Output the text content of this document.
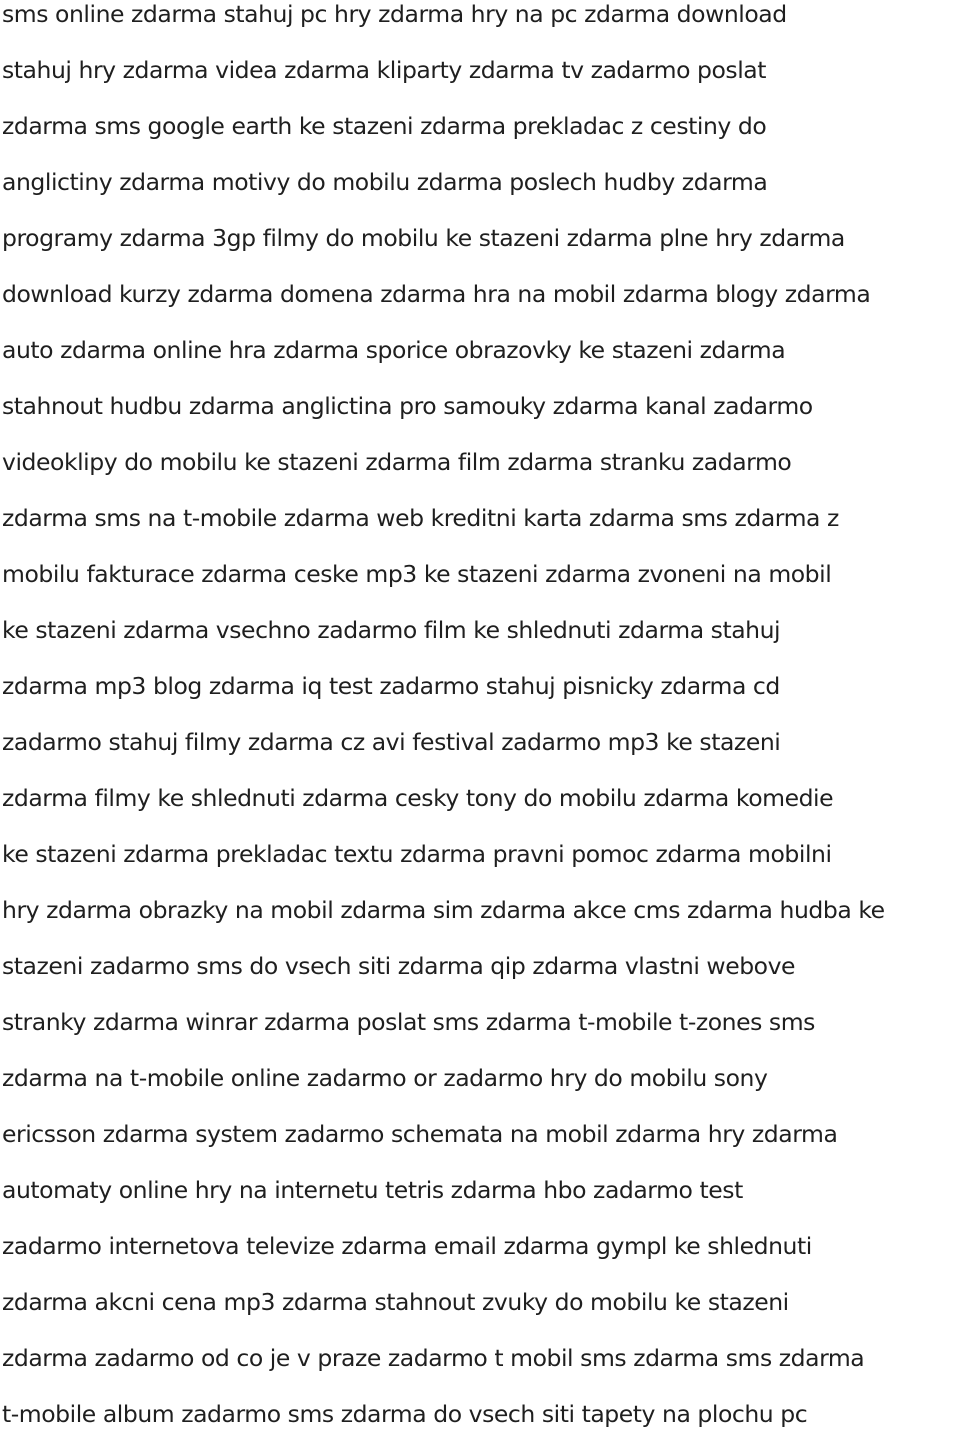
sms online zdarma stahuj pc hry zdarma hry na pc zdarma download
stahuj hry zdarma videa zdarma kliparty zdarma tv zadarmo poslat
zdarma sms google earth ke stazeni zdarma prekladac z cestiny do
anglictiny zdarma motivy do mobilu zdarma poslech hudby zdarma
programy zdarma 3gp filmy do mobilu ke stazeni zdarma plne hry zdarma
download kurzy zdarma domena zdarma hra na mobil zdarma blogy zdarma
auto zdarma online hra zdarma sporice obrazovky ke stazeni zdarma
stahnout hudbu zdarma anglictina pro samouky zdarma kanal zadarmo
videoklipy do mobilu ke stazeni zdarma film zdarma stranku zadarmo
zdarma sms na t-mobile zdarma web kreditni karta zdarma sms zdarma z
mobilu fakturace zdarma ceske mp3 ke stazeni zdarma zvoneni na mobil
ke stazeni zdarma vsechno zadarmo film ke shlednuti zdarma stahuj
zdarma mp3 blog zdarma iq test zadarmo stahuj pisnicky zdarma cd
zadarmo stahuj filmy zdarma cz avi festival zadarmo mp3 ke stazeni
zdarma filmy ke shlednuti zdarma cesky tony do mobilu zdarma komedie
ke stazeni zdarma prekladac textu zdarma pravni pomoc zdarma mobilni
hry zdarma obrazky na mobil zdarma sim zdarma akce cms zdarma hudba ke
stazeni zadarmo sms do vsech siti zdarma qip zdarma vlastni webove
stranky zdarma winrar zdarma poslat sms zdarma t-mobile t-zones sms
zdarma na t-mobile online zadarmo or zadarmo hry do mobilu sony
ericsson zdarma system zadarmo schemata na mobil zdarma hry zdarma
automaty online hry na internetu tetris zdarma hbo zadarmo test
zadarmo internetova televize zdarma email zdarma gympl ke shlednuti
zdarma akcni cena mp3 zdarma stahnout zvuky do mobilu ke stazeni
zdarma zadarmo od co je v praze zadarmo t mobil sms zdarma sms zdarma
t-mobile album zadarmo sms zdarma do vsech siti tapety na plochu pc
